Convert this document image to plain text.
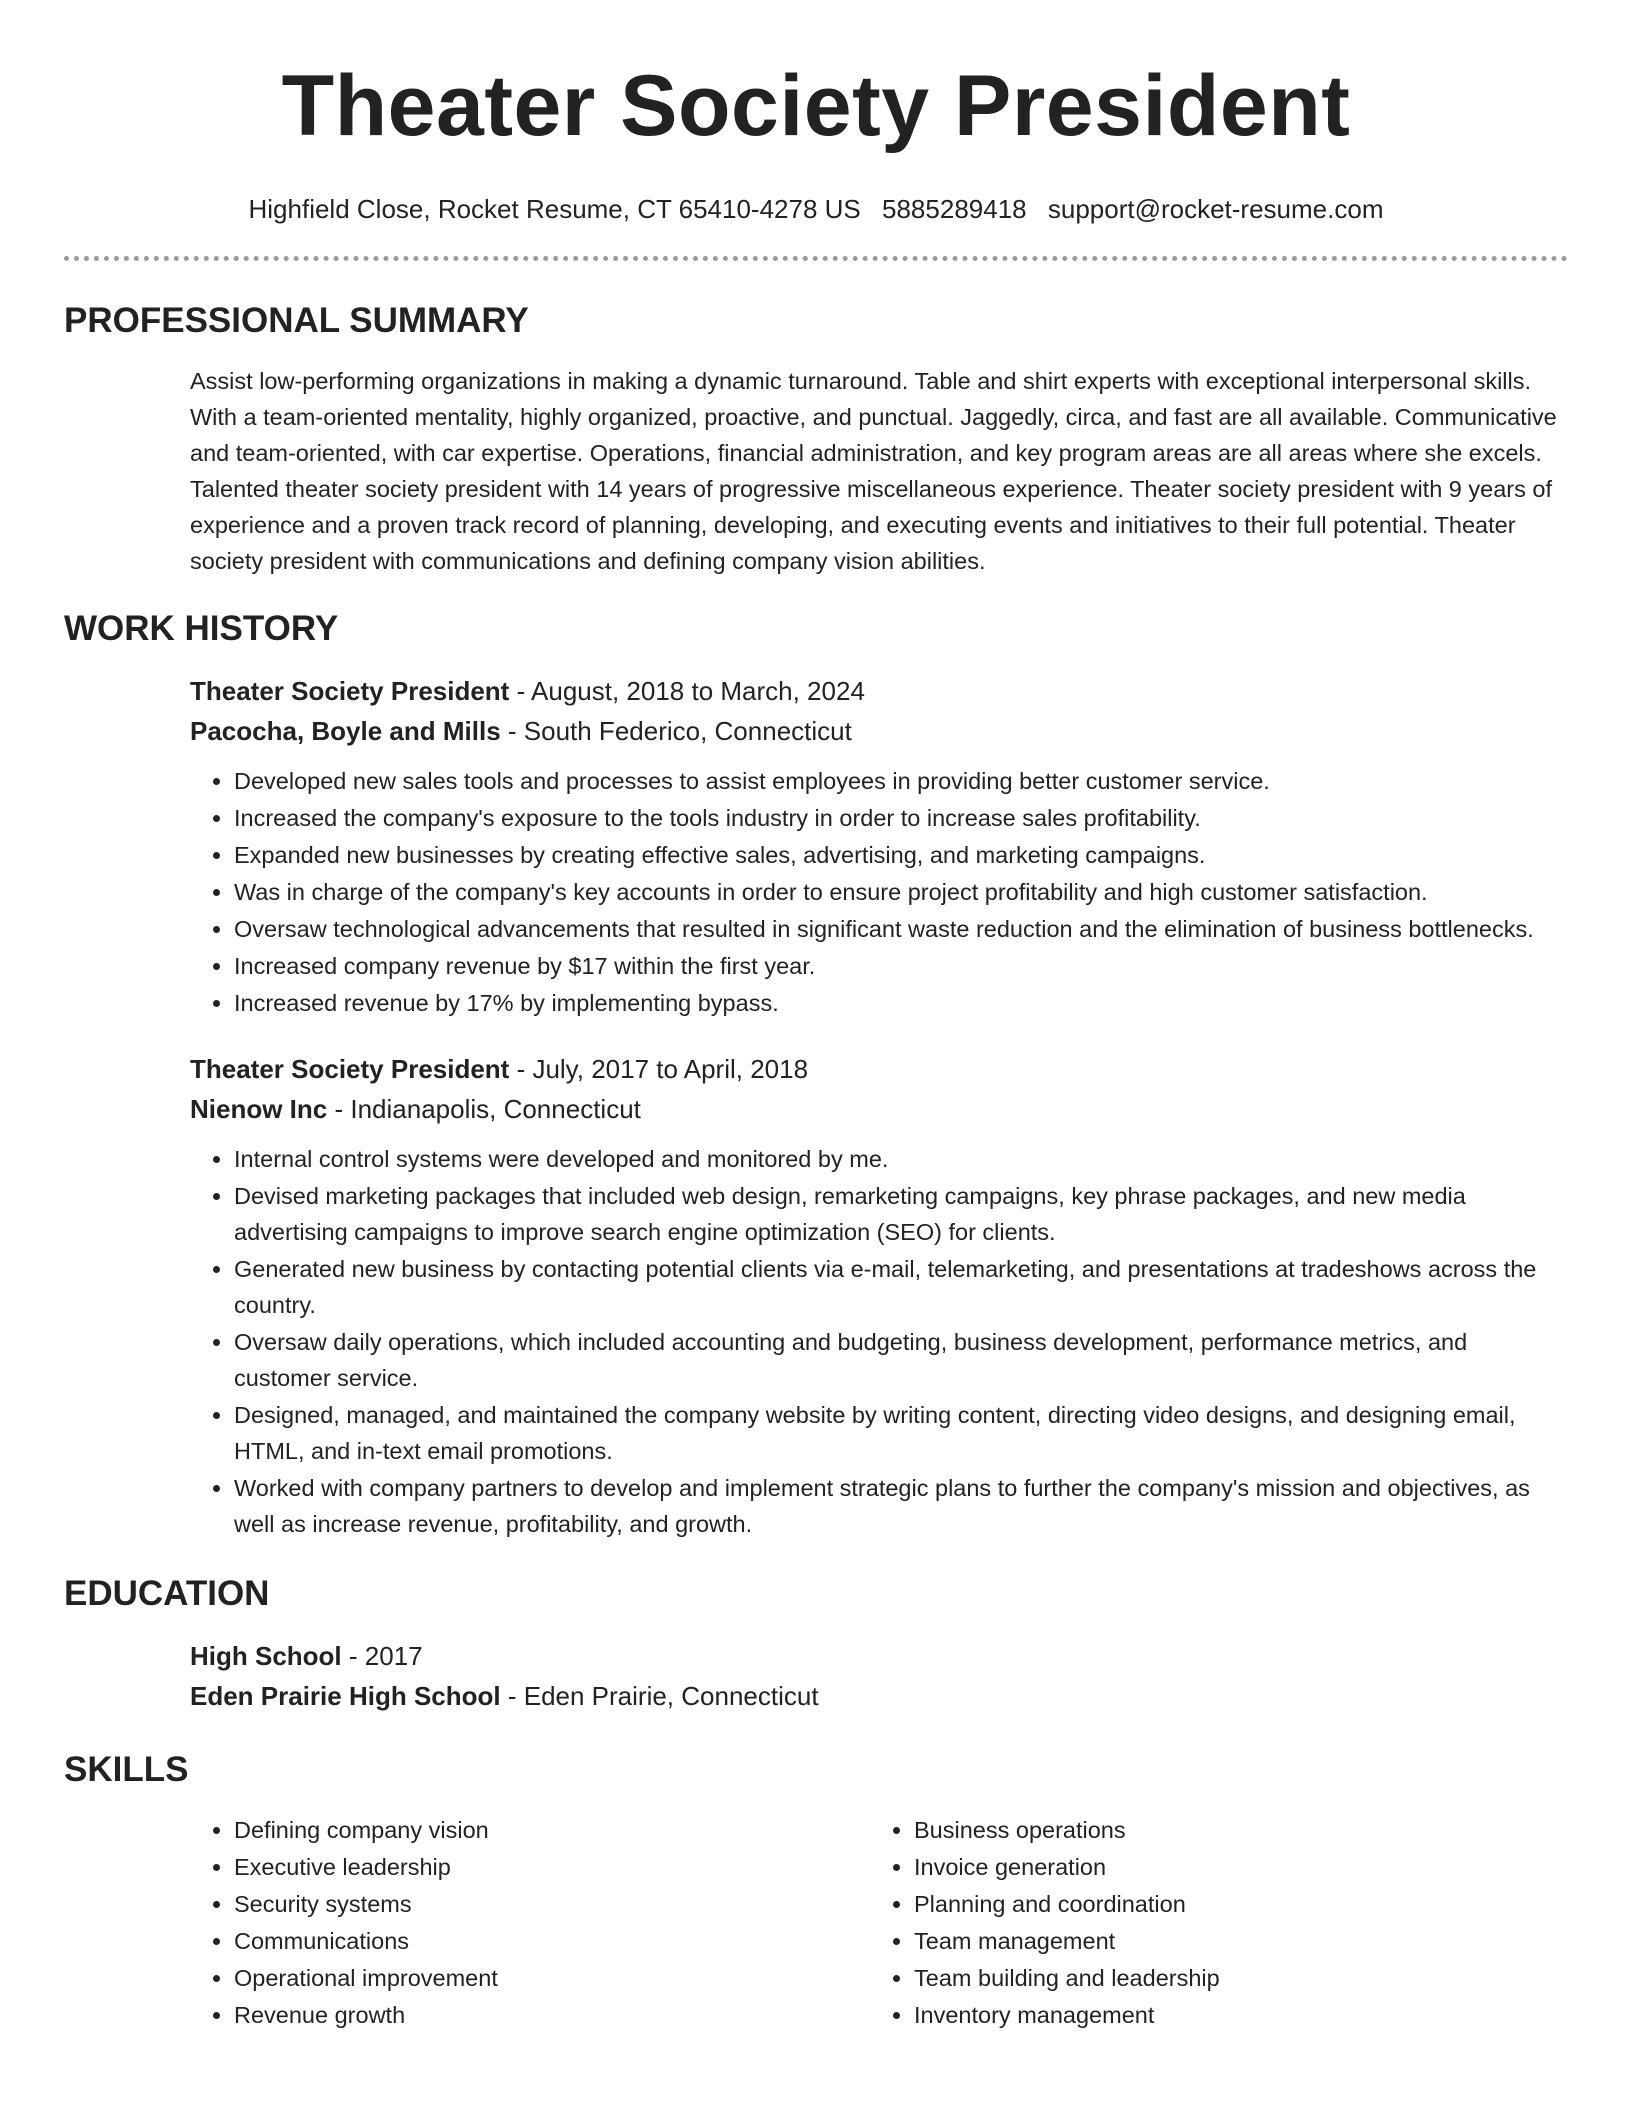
Theater Society President
Highfield Close, Rocket Resume, CT 65410-4278 US 5885289418 support@rocket-resume.com
PROFESSIONAL SUMMARY

Assist low-performing organizations in making a dynamic turnaround. Table and shirt experts with exceptional interpersonal skills. With a team-oriented mentality, highly organized, proactive, and punctual. Jaggedly, circa, and fast are all available. Communicative and team-oriented, with car expertise. Operations, financial administration, and key program areas are all areas where she excels. Talented theater society president with 14 years of progressive miscellaneous experience. Theater society president with 9 years of experience and a proven track record of planning, developing, and executing events and initiatives to their full potential. Theater society president with communications and defining company vision abilities.

WORK HISTORY
Theater Society President - August, 2018 to March, 2024
Pacocha, Boyle and Mills - South Federico, Connecticut
• Developed new sales tools and processes to assist employees in providing better customer service.
• Increased the company's exposure to the tools industry in order to increase sales profitability.
• Expanded new businesses by creating effective sales, advertising, and marketing campaigns.
• Was in charge of the company's key accounts in order to ensure project profitability and high customer satisfaction.
• Oversaw technological advancements that resulted in significant waste reduction and the elimination of business bottlenecks.
• Increased company revenue by $17 within the first year.
• Increased revenue by 17% by implementing bypass.
Theater Society President - July, 2017 to April, 2018
Nienow Inc - Indianapolis, Connecticut
• Internal control systems were developed and monitored by me.
• Devised marketing packages that included web design, remarketing campaigns, key phrase packages, and new media advertising campaigns to improve search engine optimization (SEO) for clients.
• Generated new business by contacting potential clients via e-mail, telemarketing, and presentations at tradeshows across the country.
• Oversaw daily operations, which included accounting and budgeting, business development, performance metrics, and customer service.
• Designed, managed, and maintained the company website by writing content, directing video designs, and designing email, HTML, and in-text email promotions.
• Worked with company partners to develop and implement strategic plans to further the company's mission and objectives, as well as increase revenue, profitability, and growth.
EDUCATION
High School - 2017
Eden Prairie High School - Eden Prairie, Connecticut
SKILLS
• Defining company vision
• Executive leadership
• Security systems
• Communications
• Operational improvement
• Revenue growth
• Business operations
• Invoice generation
• Planning and coordination
• Team management
• Team building and leadership
• Inventory management
